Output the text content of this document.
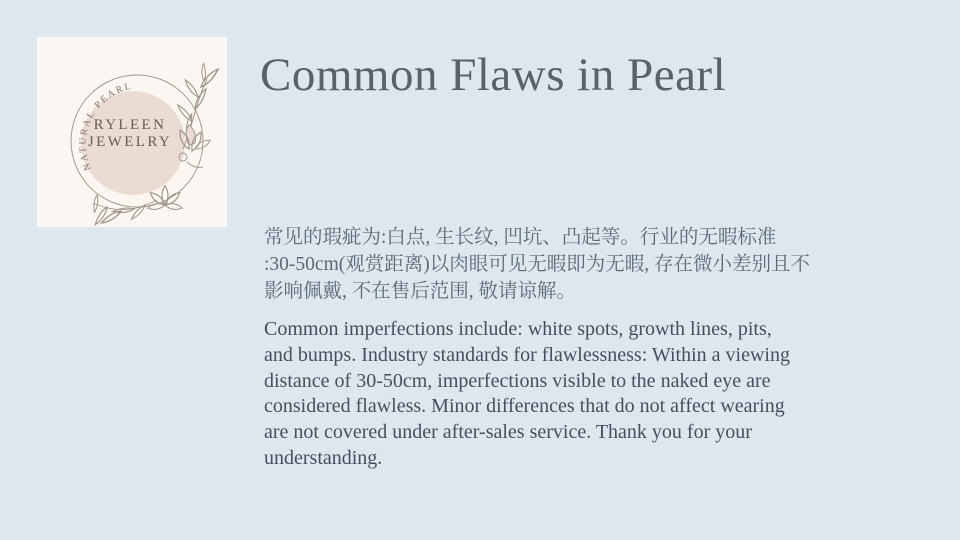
NATURAL PEARL
RYLEEN
JEWELRY
Common Flaws in Pearl
常见的瑕疵为:白点, 生长纹, 凹坑、凸起等。行业的无暇标准
:30-50cm(观赏距离)以肉眼可见无暇即为无暇, 存在微小差别且不
影响佩戴, 不在售后范围, 敬请谅解。
Common imperfections include: white spots, growth lines, pits,
and bumps. Industry standards for flawlessness: Within a viewing
distance of 30-50cm, imperfections visible to the naked eye are
considered flawless. Minor differences that do not affect wearing
are not covered under after-sales service. Thank you for your
understanding.
